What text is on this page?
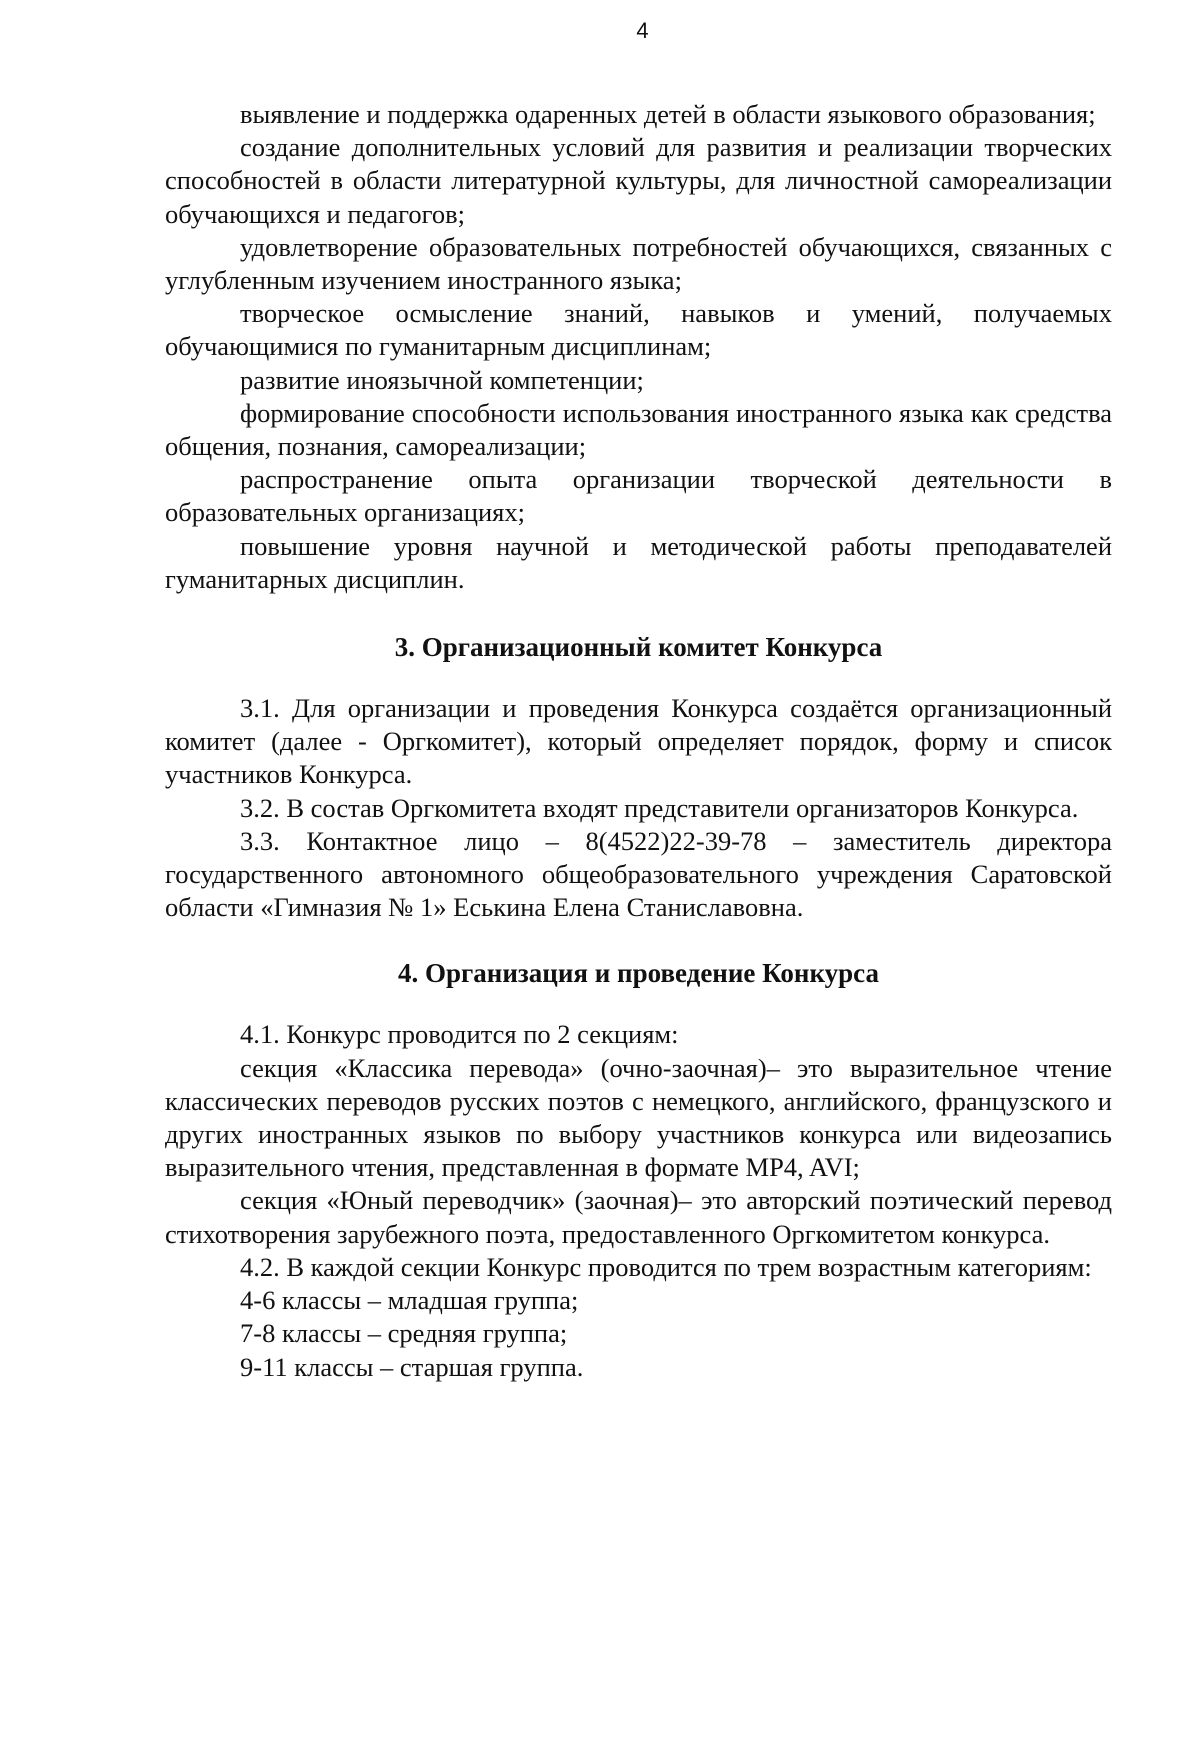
4

выявление и поддержка одаренных детей в области языкового образования;

создание дополнительных условий для развития и реализации творческих способностей в области литературной культуры, для личностной самореализации обучающихся и педагогов;

удовлетворение образовательных потребностей обучающихся, связанных с углубленным изучением иностранного языка;

творческое осмысление знаний, навыков и умений, получаемых обучающимися по гуманитарным дисциплинам;

развитие иноязычной компетенции;

формирование способности использования иностранного языка как средства общения, познания, самореализации;

распространение опыта организации творческой деятельности в образовательных организациях;

повышение уровня научной и методической работы преподавателей гуманитарных дисциплин.

3. Организационный комитет Конкурса

3.1. Для организации и проведения Конкурса создаётся организационный комитет (далее - Оргкомитет), который определяет порядок, форму и список участников Конкурса.

3.2. В состав Оргкомитета входят представители организаторов Конкурса.

3.3. Контактное лицо – 8(4522)22-39-78 – заместитель директора государственного автономного общеобразовательного учреждения Саратовской области «Гимназия № 1» Еськина Елена Станиславовна.

4. Организация и проведение Конкурса

4.1. Конкурс проводится по 2 секциям:

секция «Классика перевода» (очно-заочная)– это выразительное чтение классических переводов русских поэтов с немецкого, английского, французского и других иностранных языков по выбору участников конкурса или видеозапись выразительного чтения, представленная в формате MP4, AVI;

секция «Юный переводчик» (заочная)– это авторский поэтический перевод стихотворения зарубежного поэта, предоставленного Оргкомитетом конкурса.

4.2. В каждой секции Конкурс проводится по трем возрастным категориям:

4-6 классы – младшая группа;

7-8 классы – средняя группа;

9-11 классы – старшая группа.
